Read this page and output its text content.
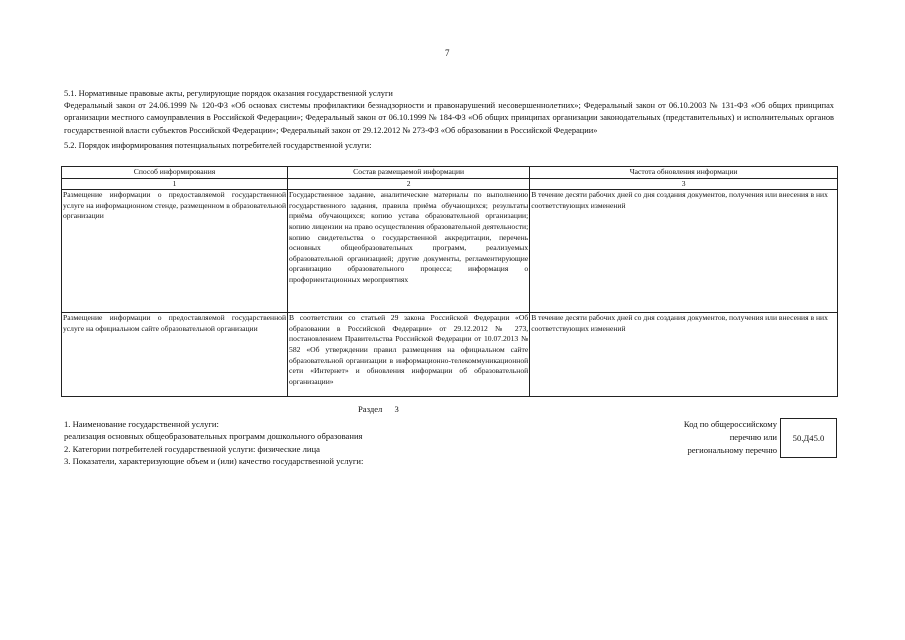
7

5.1. Нормативные правовые акты, регулирующие порядок оказания государственной услуги

Федеральный закон от 24.06.1999 № 120-ФЗ «Об основах системы профилактики безнадзорности и правонарушений несовершеннолетних»; Федеральный закон от 06.10.2003 № 131-ФЗ «Об общих принципах организации местного самоуправления в Российской Федерации»; Федеральный закон от 06.10.1999 № 184-ФЗ «Об общих принципах организации законодательных (представительных) и исполнительных органов государственной власти субъектов Российской Федерации»; Федеральный закон от 29.12.2012 № 273-ФЗ «Об образовании в Российской Федерации»

5.2. Порядок информирования потенциальных потребителей государственной услуги:

Способ информирования	Состав размещаемой информации	Частота обновления информации
1	2	3
Размещение информации о предоставляемой государственной услуге на информационном стенде, размещенном в образовательной организации	Государственное задание, аналитические материалы по выполнению государственного задания, правила приёма обучающихся; результаты приёма обучающихся; копию устава образовательной организации; копию лицензии на право осуществления образовательной деятельности; копию свидетельства о государственной аккредитации, перечень основных общеобразовательных программ, реализуемых образовательной организацией; другие документы, регламентирующие организацию образовательного процесса; информация о профориентационных мероприятиях	В течение десяти рабочих дней со дня создания документов, получения или внесения в них соответствующих изменений
Размещение информации о предоставляемой государственной услуге на официальном сайте образовательной организации	В соответствии со статьей 29 закона Российской Федерации «Об образовании в Российской Федерации» от 29.12.2012 № 273, постановлением Правительства Российской Федерации от 10.07.2013 № 582 «Об утверждении правил размещения на официальном сайте образовательной организации в информационно-телекоммуникационной сети «Интернет» и обновления информации об образовательной организации»	В течение десяти рабочих дней со дня создания документов, получения или внесения в них соответствующих изменений
Раздел 3

1. Наименование государственной услуги:

реализация основных общеобразовательных программ дошкольного образования

2. Категории потребителей государственной услуги: физические лица

3. Показатели, характеризующие объем и (или) качество государственной услуги:

Код по общероссийскому
перечню или
региональному перечню
50.Д45.0
